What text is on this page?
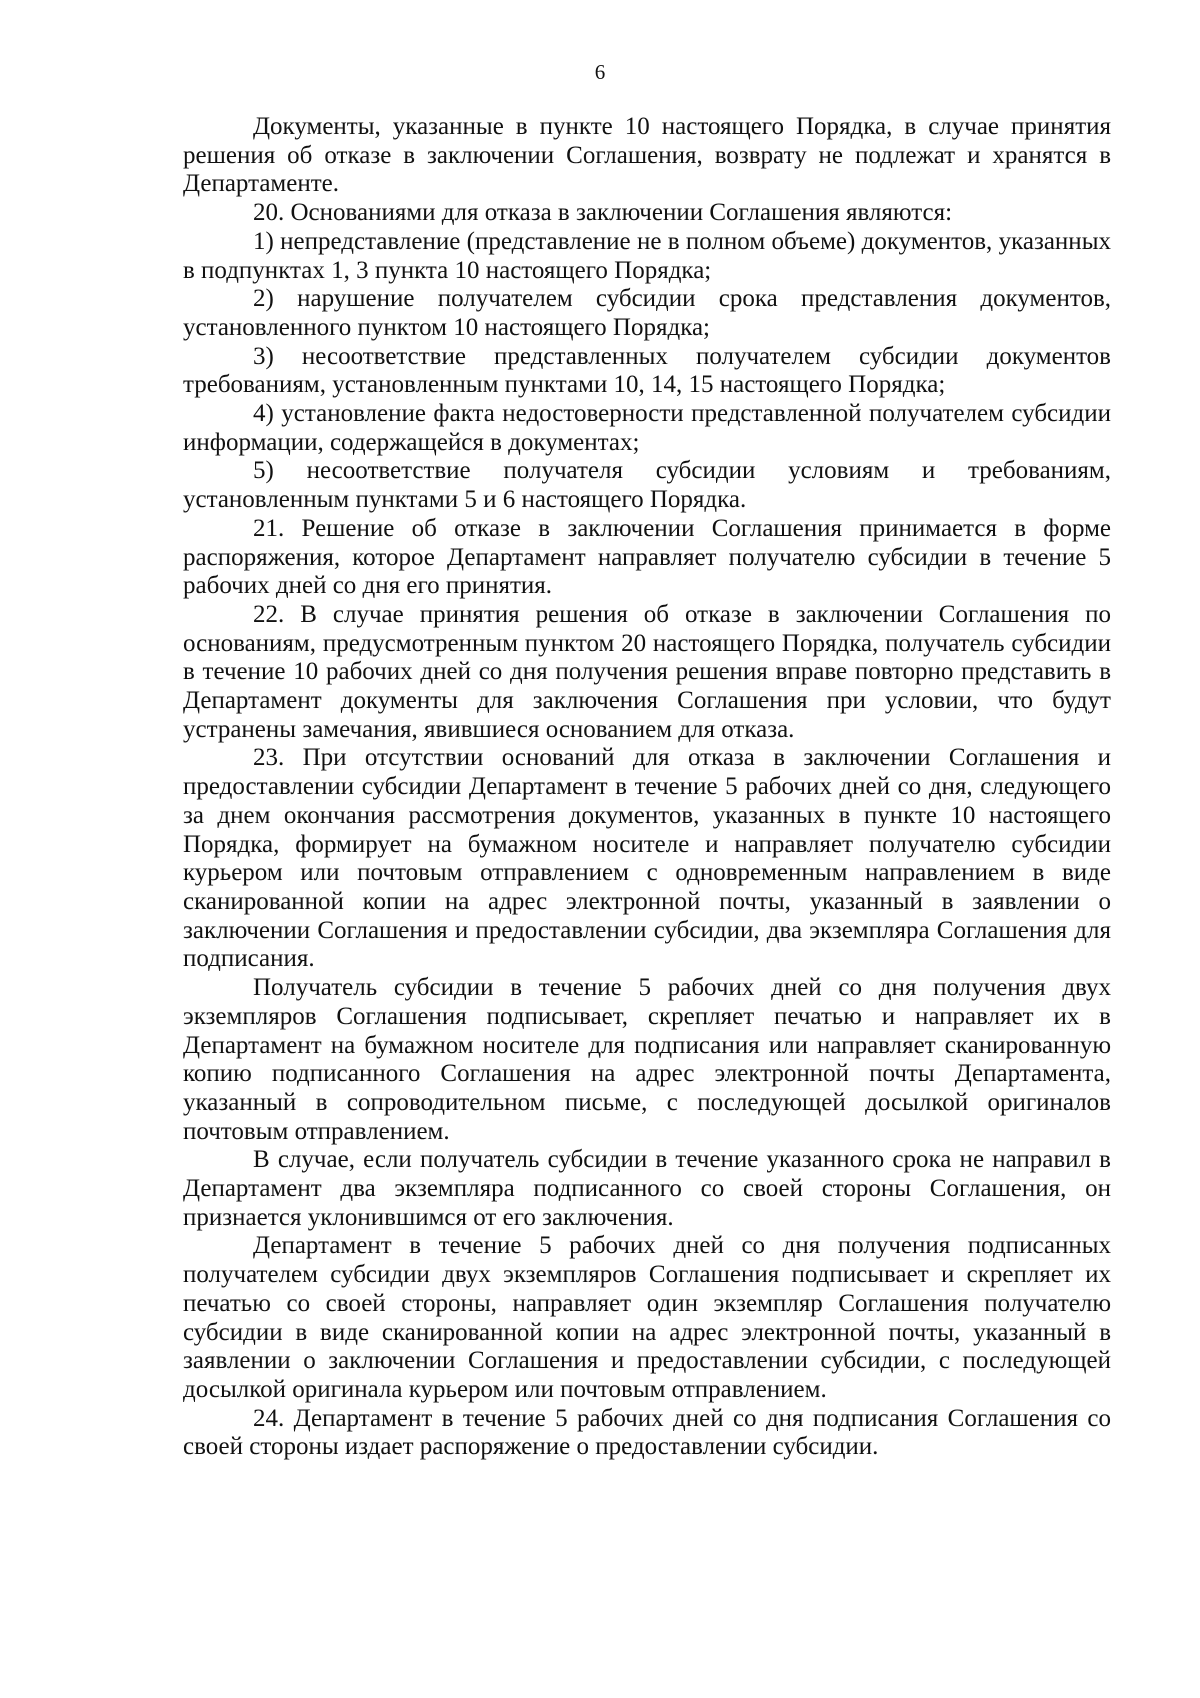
6

Документы, указанные в пункте 10 настоящего Порядка, в случае принятия решения об отказе в заключении Соглашения, возврату не подлежат и хранятся в Департаменте.

20. Основаниями для отказа в заключении Соглашения являются:

1) непредставление (представление не в полном объеме) документов, указанных в подпунктах 1, 3 пункта 10 настоящего Порядка;

2) нарушение получателем субсидии срока представления документов, установленного пунктом 10 настоящего Порядка;

3) несоответствие представленных получателем субсидии документов требованиям, установленным пунктами 10, 14, 15 настоящего Порядка;

4) установление факта недостоверности представленной получателем субсидии информации, содержащейся в документах;

5) несоответствие получателя субсидии условиям и требованиям, установленным пунктами 5 и 6 настоящего Порядка.

21. Решение об отказе в заключении Соглашения принимается в форме распоряжения, которое Департамент направляет получателю субсидии в течение 5 рабочих дней со дня его принятия.

22. В случае принятия решения об отказе в заключении Соглашения по основаниям, предусмотренным пунктом 20 настоящего Порядка, получатель субсидии в течение 10 рабочих дней со дня получения решения вправе повторно представить в Департамент документы для заключения Соглашения при условии, что будут устранены замечания, явившиеся основанием для отказа.

23. При отсутствии оснований для отказа в заключении Соглашения и предоставлении субсидии Департамент в течение 5 рабочих дней со дня, следующего за днем окончания рассмотрения документов, указанных в пункте 10 настоящего Порядка, формирует на бумажном носителе и направляет получателю субсидии курьером или почтовым отправлением с одновременным направлением в виде сканированной копии на адрес электронной почты, указанный в заявлении о заключении Соглашения и предоставлении субсидии, два экземпляра Соглашения для подписания.

Получатель субсидии в течение 5 рабочих дней со дня получения двух экземпляров Соглашения подписывает, скрепляет печатью и направляет их в Департамент на бумажном носителе для подписания или направляет сканированную копию подписанного Соглашения на адрес электронной почты Департамента, указанный в сопроводительном письме, с последующей досылкой оригиналов почтовым отправлением.

В случае, если получатель субсидии в течение указанного срока не направил в Департамент два экземпляра подписанного со своей стороны Соглашения, он признается уклонившимся от его заключения.

Департамент в течение 5 рабочих дней со дня получения подписанных получателем субсидии двух экземпляров Соглашения подписывает и скрепляет их печатью со своей стороны, направляет один экземпляр Соглашения получателю субсидии в виде сканированной копии на адрес электронной почты, указанный в заявлении о заключении Соглашения и предоставлении субсидии, с последующей досылкой оригинала курьером или почтовым отправлением.

24. Департамент в течение 5 рабочих дней со дня подписания Соглашения со своей стороны издает распоряжение о предоставлении субсидии.
